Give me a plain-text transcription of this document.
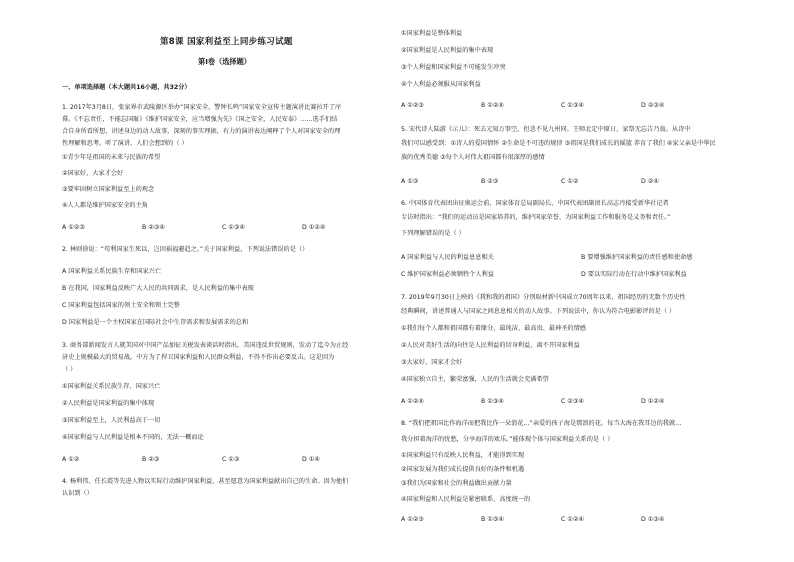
第8课 国家利益至上同步练习试题
第Ⅰ卷（选择题）
一、单项选择题（本大题共16小题，共32分）
1. 2017年3月8日，张家界市武陵源区举办“国家安全，警钟长鸣”国家安全宣传主题演讲比赛拉开了序
幕。《不忘责任，不能忘国耻》《维护国家安全，应当增强为先》《国之安全，人民安泰》……选手们结
合自身所看所想，讲述身边的动人故事，深刻的事实理据，有力的演讲表达阐释了个人对国家安全的理
性理解和思考。听了演讲，人们会想到的（ ）
①青少年是祖国的未来与民族的希望
②国家好，大家才会好
③要牢固树立国家利益至上的观念
④人人都是维护国家安全的主角
A ①②③	B ②③④	C ①③④	D ①②④
2. 林则徐说：“苟利国家生死以，岂因祸福避趋之。”关于国家利益，下列说法错误的是（）
A 国家利益关系民族生存和国家兴亡
B 在我国，国家利益反映广大人民的共同需求，是人民利益的集中表现
C 国家利益包括国家的领土安全和领土完整
D 国家利益是一个主权国家在国际社会中生存需求和发展需求的总和
3. 商务部新闻发言人就美国对中国产品加征关税发表谈话时指出，美国违反世贸规则，发动了迄今为止经
济史上规模最大的贸易战。中方为了捍卫国家利益和人民群众利益，不得不作出必要反击。这是因为
（ ）
①国家利益关系民族生存、国家兴亡
②人民利益是国家利益的集中体现
③国家利益至上，人民利益高于一切
④国家利益与人民利益是根本不同的，无法一概而论
A ①②	B ②③	C ①③	D ①④
4. 杨利伟、任长霞等先进人物以实际行动维护国家利益，甚至愿意为国家利益献出自己的生命。因为他们
认识到（）
①国家利益是整体利益
②国家利益是人民利益的集中表现
③个人利益和国家利益不可能发生冲突
④个人利益必须服从国家利益
A ①②③	B ①②④	C ①③④	D ②③④
5. 宋代诗人陆游《示儿》：死去元知万事空，但悲不见九州同。王师北定中原日，家祭无忘告乃翁。从诗中
我们可以感受到：①诗人的爱国情怀 ②生命是不可违的规律 ③祖国是我们成长的摇篮 养育了我们 ④家父亲是中华民
族的优秀美德 ③每个人对伟大祖国都有很深厚的感情
A ①③	B ②③	C ①②	D ②④
6. 中国体育代表团出征奥运会前，国家体育总局副局长、中国代表团副团长高志丹接受新华社记者
专访时指出：“我们的运动员是国家培养的，维护国家荣誉、为国家利益工作和服务是义务和责任。”
下列理解错误的是（ ）
A 国家利益与人民的利益息息相关	B 要增强维护国家利益的责任感和使命感
C 维护国家利益必须牺牲个人利益	D 要以实际行动在行动中维护国家利益
7. 2019年9月30日上映的《我和我的祖国》分别取材新中国成立70周年以来，祖国经历的无数个历史性
经典瞬间，讲述普通人与国家之间息息相关的动人故事。下列说法中，你认为符合电影影评的是（ ）
①我们每个人都和祖国都有着缘分、最纯洁、最高贵、最神圣的情感
②人民对美好生活的向往是人民利益的切身利益，离不开国家利益
③大家好，国家才会好
④国家独立自主，繁荣富强，人民的生活就会充满希望
A ①②④	B ①③④	C ②③④	D ①②④
8. “我们把祖国比作海洋而把我比作一朵浪花…”亲爱的孩子海是那浪的花。每当大海在我耳边的我就…
我分担着海洋的忧愁，分享海洋的欢乐。”能体现个体与国家利益关系的是（ ）
①国家利益只有反映人民利益，才能得到实现
②国家发展为我们成长提供良好的条件和机遇
③我们为国家和社会的利益做出贡献力量
④国家利益和人民利益是紧密联系、高度统一的
A ①②③	B ①③④	C ①②④	D ①③④
